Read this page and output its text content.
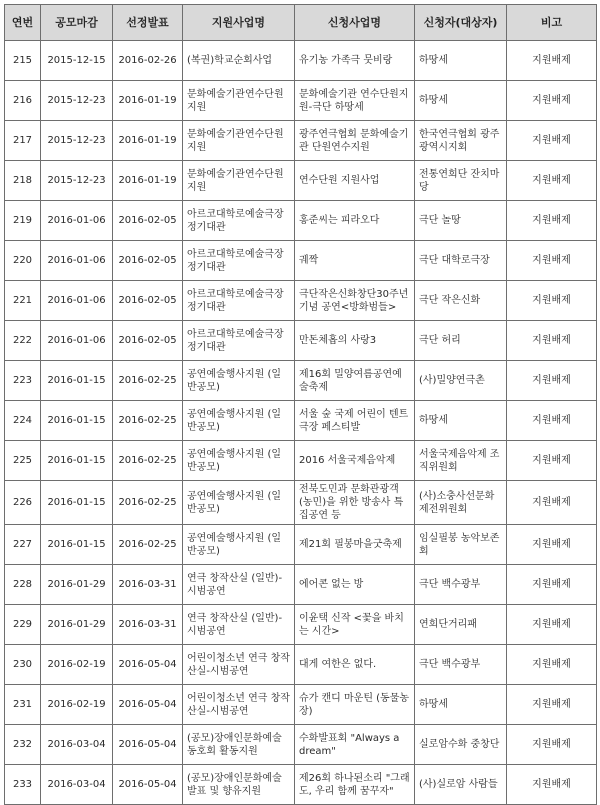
연번	공모마감	선정발표	지원사업명	신청사업명	신청자(대상자)	비고
215	2015-12-15	2016-02-26	(복권)학교순회사업	유기농 가족극 뭇비랑	하땅세	지원배제
216	2015-12-23	2016-01-19	문화예술기관연수단원지원	문화예술기관 연수단원지원-극단 하땅세	하땅세	지원배제
217	2015-12-23	2016-01-19	문화예술기관연수단원지원	광주연극협회 문화예술기관 단원연수지원	한국연극협회 광주광역시지회	지원배제
218	2015-12-23	2016-01-19	문화예술기관연수단원지원	연수단원 지원사업	전통연희단 잔치마당	지원배제
219	2016-01-06	2016-02-05	아르코대학로예술극장 정기대관	홍준씨는 피라오다	극단 놀땅	지원배제
220	2016-01-06	2016-02-05	아르코대학로예술극장 정기대관	궤짝	극단 대학로극장	지원배제
221	2016-01-06	2016-02-05	아르코대학로예술극장 정기대관	극단작은신화창단30주년기념 공연<방화범들>	극단 작은신화	지원배제
222	2016-01-06	2016-02-05	아르코대학로예술극장 정기대관	만돈체홉의 사랑3	극단 허리	지원배제
223	2016-01-15	2016-02-25	공연예술행사지원 (일반공모)	제16회 밀양여름공연예술축제	(사)밀양연극촌	지원배제
224	2016-01-15	2016-02-25	공연예술행사지원 (일반공모)	서울 숲 국제 어린이 텐트 극장 페스티발	하땅세	지원배제
225	2016-01-15	2016-02-25	공연예술행사지원 (일반공모)	2016 서울국제음악제	서울국제음악제 조직위원회	지원배제
226	2016-01-15	2016-02-25	공연예술행사지원 (일반공모)	전북도민과 문화관광객(농민)을 위한 방송사 특집공연 등	(사)소충사선문화제전위원회	지원배제
227	2016-01-15	2016-02-25	공연예술행사지원 (일반공모)	제21회 필봉마을굿축제	임실필봉 농악보존회	지원배제
228	2016-01-29	2016-03-31	연극 창작산실 (일반)-시범공연	에어콘 없는 방	극단 백수광부	지원배제
229	2016-01-29	2016-03-31	연극 창작산실 (일반)-시범공연	이윤택 신작 <꽃을 바치는 시간>	연희단거리패	지원배제
230	2016-02-19	2016-05-04	어린이청소년 연극 창작산실-시범공연	대게 여한은 없다.	극단 백수광부	지원배제
231	2016-02-19	2016-05-04	어린이청소년 연극 창작산실-시범공연	슈가 캔디 마운틴 (동물농장)	하땅세	지원배제
232	2016-03-04	2016-05-04	(공모)장애인문화예술 동호회 활동지원	수화발표회 "Always a dream"	실로암수화 중창단	지원배제
233	2016-03-04	2016-05-04	(공모)장애인문화예술 발표 및 향유지원	제26회 하나된소리 "그래도, 우리 함께 꿈꾸자"	(사)실로암 사람들	지원배제
